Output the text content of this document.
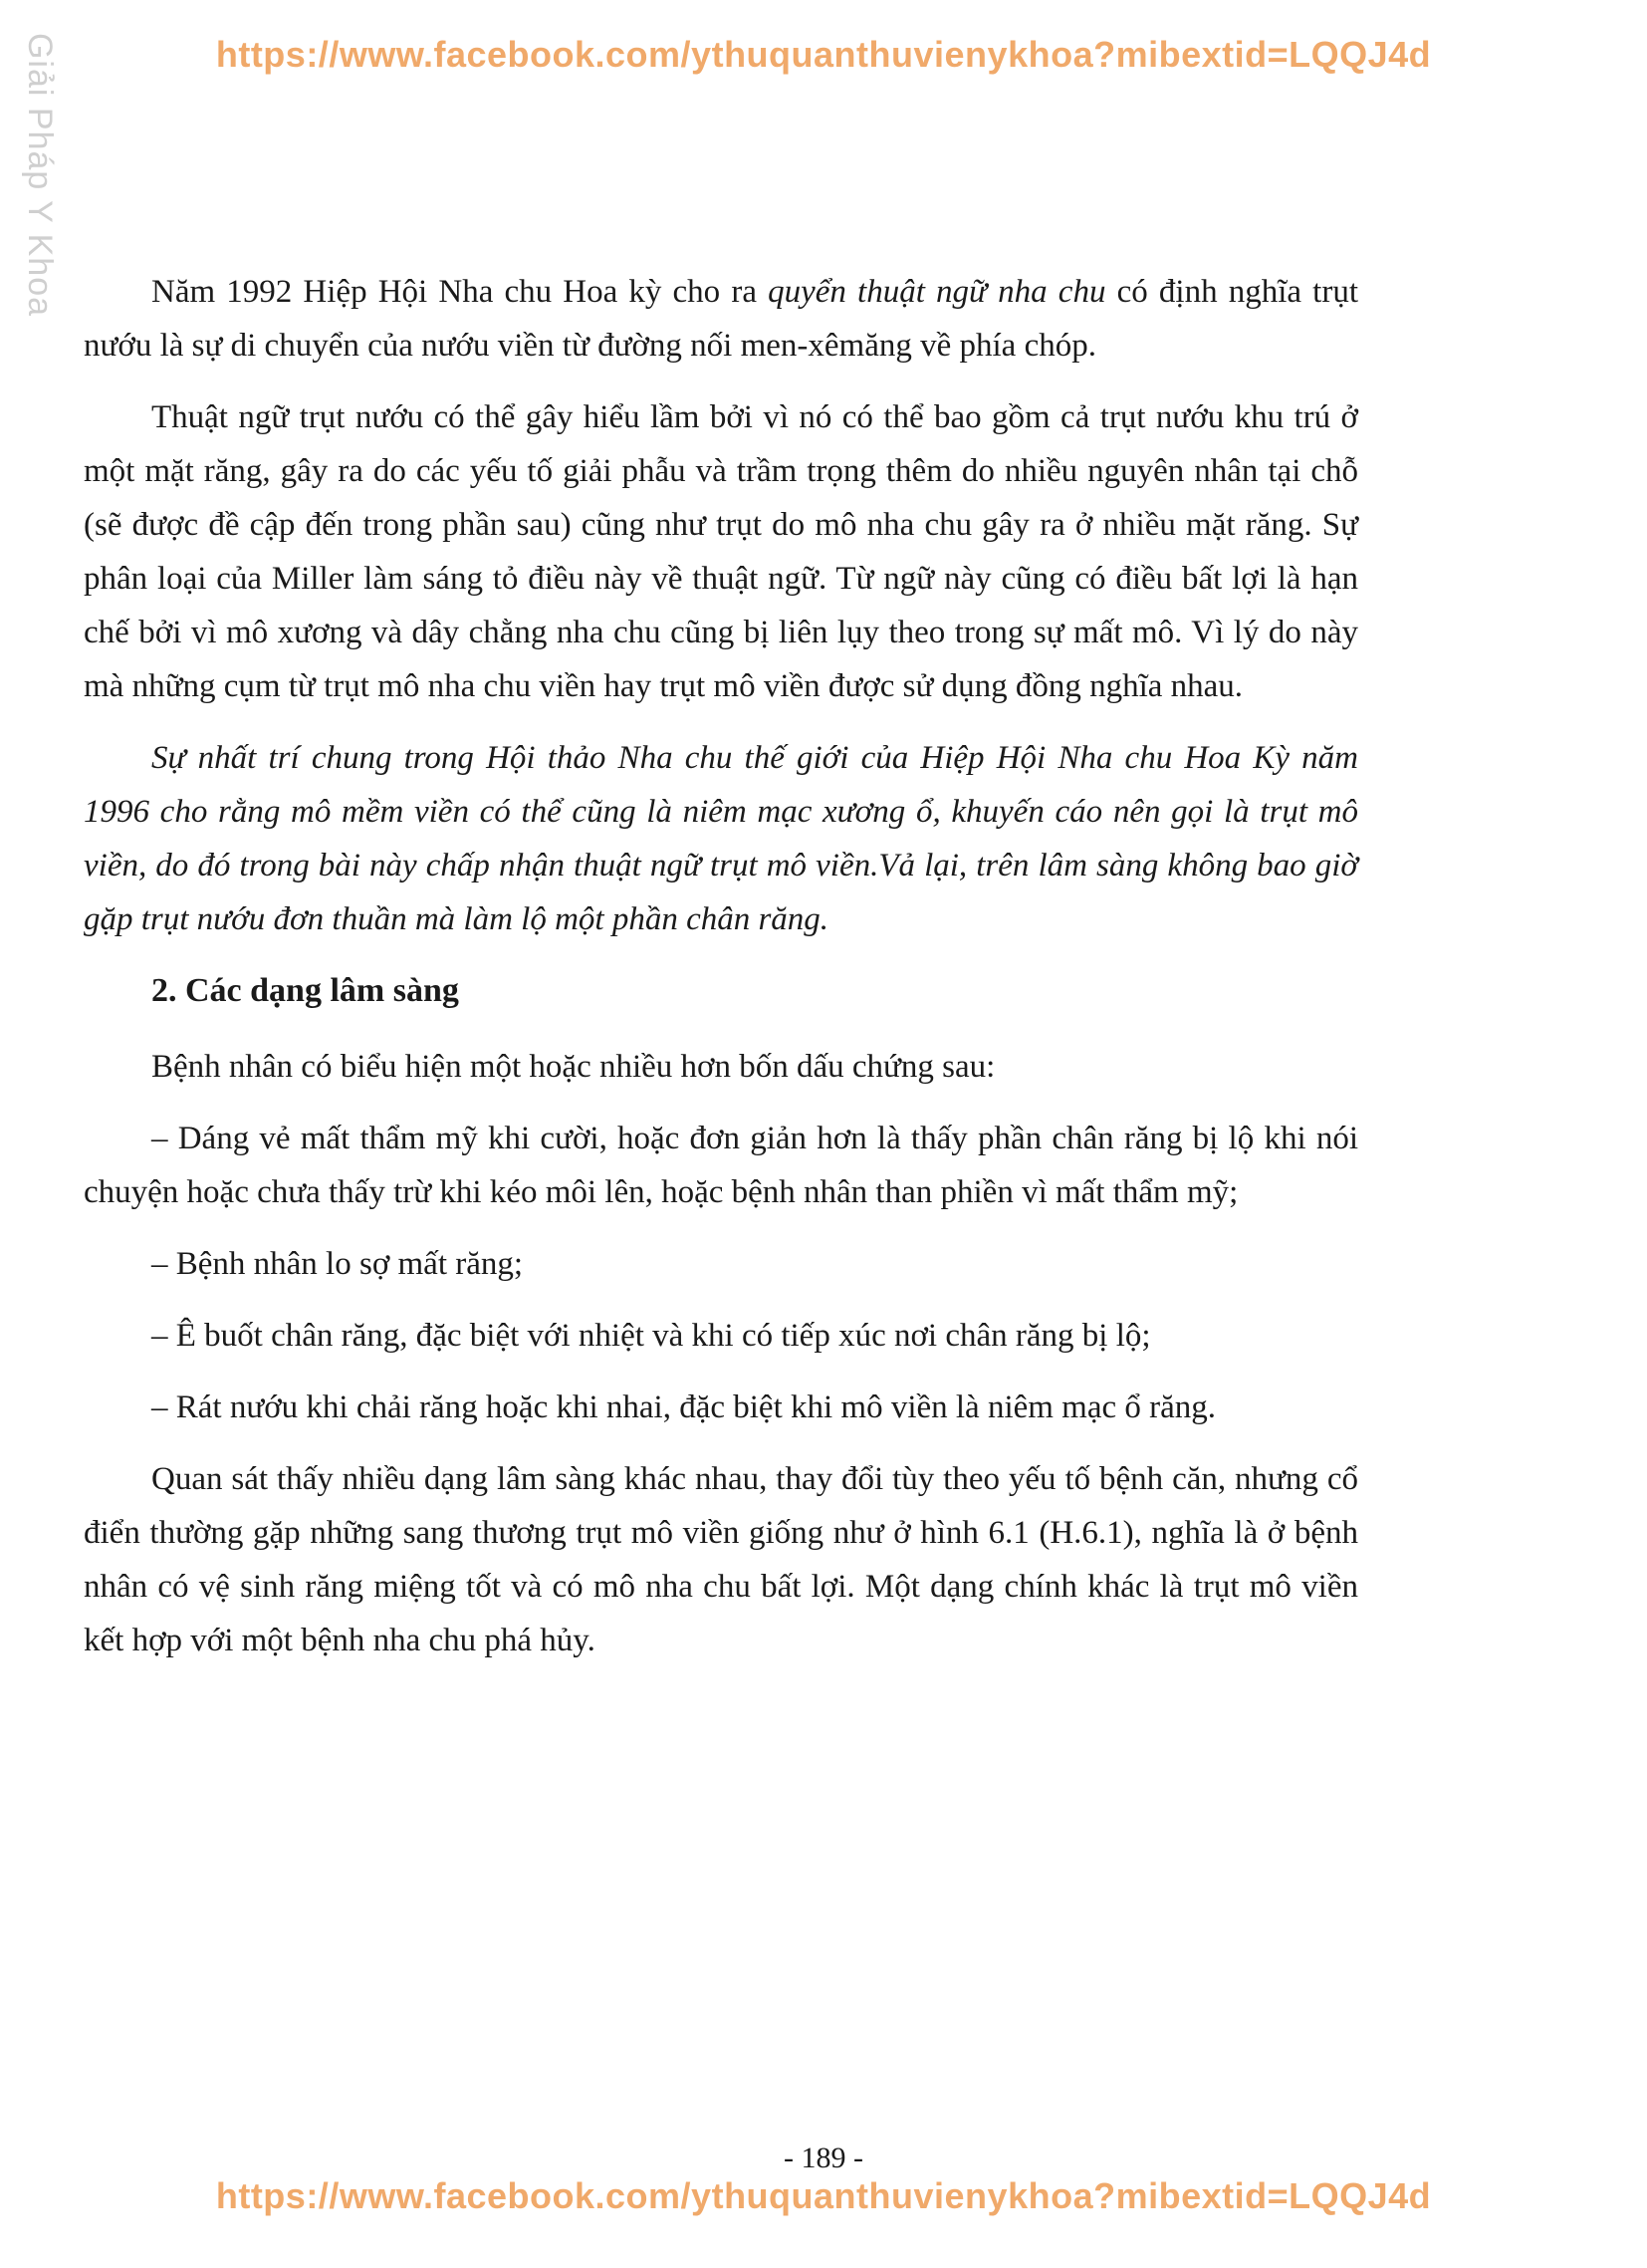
https://www.facebook.com/ythuquanthuvienykhoa?mibextid=LQQJ4d
Giải Pháp Y Khoa	Năm 1992 Hiệp Hội Nha chu Hoa kỳ cho ra quyển thuật ngữ nha chu có định nghĩa trụt nướu là sự di chuyển của nướu viền từ đường nối men-xêmăng về phía chóp.

Thuật ngữ trụt nướu có thể gây hiểu lầm bởi vì nó có thể bao gồm cả trụt nướu khu trú ở một mặt răng, gây ra do các yếu tố giải phẫu và trầm trọng thêm do nhiều nguyên nhân tại chỗ (sẽ được đề cập đến trong phần sau) cũng như trụt do mô nha chu gây ra ở nhiều mặt răng. Sự phân loại của Miller làm sáng tỏ điều này về thuật ngữ. Từ ngữ này cũng có điều bất lợi là hạn chế bởi vì mô xương và dây chằng nha chu cũng bị liên lụy theo trong sự mất mô. Vì lý do này mà những cụm từ trụt mô nha chu viền hay trụt mô viền được sử dụng đồng nghĩa nhau.

Sự nhất trí chung trong Hội thảo Nha chu thế giới của Hiệp Hội Nha chu Hoa Kỳ năm 1996 cho rằng mô mềm viền có thể cũng là niêm mạc xương ổ, khuyến cáo nên gọi là trụt mô viền, do đó trong bài này chấp nhận thuật ngữ trụt mô viền.Vả lại, trên lâm sàng không bao giờ gặp trụt nướu đơn thuần mà làm lộ một phần chân răng.

2. Các dạng lâm sàng

Bệnh nhân có biểu hiện một hoặc nhiều hơn bốn dấu chứng sau:

– Dáng vẻ mất thẩm mỹ khi cười, hoặc đơn giản hơn là thấy phần chân răng bị lộ khi nói chuyện hoặc chưa thấy trừ khi kéo môi lên, hoặc bệnh nhân than phiền vì mất thẩm mỹ;

– Bệnh nhân lo sợ mất răng;

– Ê buốt chân răng, đặc biệt với nhiệt và khi có tiếp xúc nơi chân răng bị lộ;

– Rát nướu khi chải răng hoặc khi nhai, đặc biệt khi mô viền là niêm mạc ổ răng.

Quan sát thấy nhiều dạng lâm sàng khác nhau, thay đổi tùy theo yếu tố bệnh căn, nhưng cổ điển thường gặp những sang thương trụt mô viền giống như ở hình 6.1 (H.6.1), nghĩa là ở bệnh nhân có vệ sinh răng miệng tốt và có mô nha chu bất lợi. Một dạng chính khác là trụt mô viền kết hợp với một bệnh nha chu phá hủy.

- 189 -
https://www.facebook.com/ythuquanthuvienykhoa?mibextid=LQQJ4d
